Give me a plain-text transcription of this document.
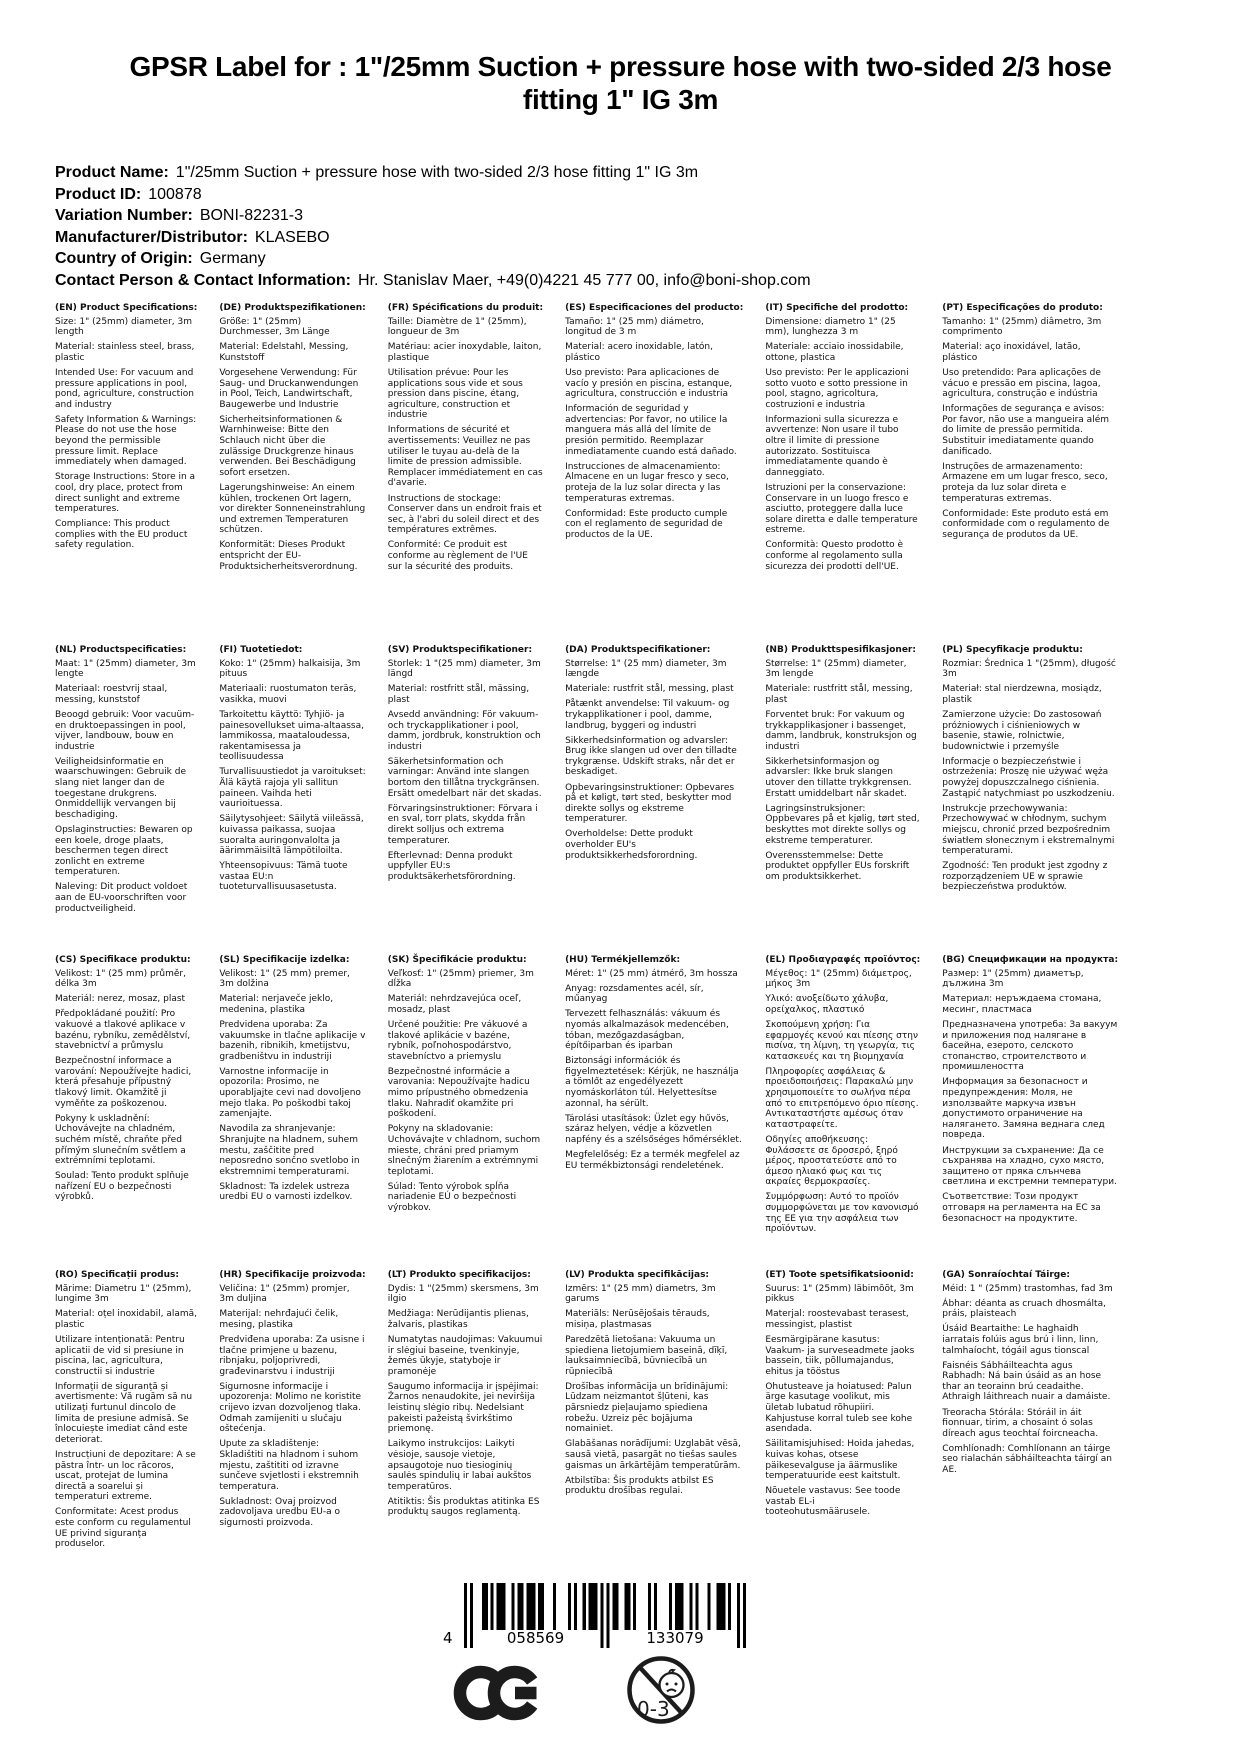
GPSR Label for : 1"/25mm Suction + pressure hose with two-sided 2/3 hose fitting 1" IG 3m
Product Name: 1"/25mm Suction + pressure hose with two-sided 2/3 hose fitting 1" IG 3m
Product ID: 100878
Variation Number: BONI-82231-3
Manufacturer/Distributor: KLASEBO
Country of Origin: Germany
Contact Person & Contact Information: Hr. Stanislav Maer, +49(0)4221 45 777 00, info@boni-shop.com
(EN) Product Specifications:

Size: 1" (25mm) diameter, 3m length

Material: stainless steel, brass, plastic

Intended Use: For vacuum and pressure applications in pool, pond, agriculture, construction and industry

Safety Information & Warnings: Please do not use the hose beyond the permissible pressure limit. Replace immediately when damaged.

Storage Instructions: Store in a cool, dry place, protect from direct sunlight and extreme temperatures.

Compliance: This product complies with the EU product safety regulation.

(DE) Produktspezifikationen:

Größe: 1" (25mm) Durchmesser, 3m Länge

Material: Edelstahl, Messing, Kunststoff

Vorgesehene Verwendung: Für Saug- und Druckanwendungen in Pool, Teich, Landwirtschaft, Baugewerbe und Industrie

Sicherheitsinformationen & Warnhinweise: Bitte den Schlauch nicht über die zulässige Druckgrenze hinaus verwenden. Bei Beschädigung sofort ersetzen.

Lagerungshinweise: An einem kühlen, trockenen Ort lagern, vor direkter Sonneneinstrahlung und extremen Temperaturen schützen.

Konformität: Dieses Produkt entspricht der EU-Produktsicherheitsverordnung.

(FR) Spécifications du produit:

Taille: Diamètre de 1" (25mm), longueur de 3m

Matériau: acier inoxydable, laiton, plastique

Utilisation prévue: Pour les applications sous vide et sous pression dans piscine, étang, agriculture, construction et industrie

Informations de sécurité et avertissements: Veuillez ne pas utiliser le tuyau au-delà de la limite de pression admissible. Remplacer immédiatement en cas d'avarie.

Instructions de stockage: Conserver dans un endroit frais et sec, à l'abri du soleil direct et des températures extrêmes.

Conformité: Ce produit est conforme au règlement de l'UE sur la sécurité des produits.

(ES) Especificaciones del producto:

Tamaño: 1" (25 mm) diámetro, longitud de 3 m

Material: acero inoxidable, latón, plástico

Uso previsto: Para aplicaciones de vacío y presión en piscina, estanque, agricultura, construcción e industria

Información de seguridad y advertencias: Por favor, no utilice la manguera más allá del límite de presión permitido. Reemplazar inmediatamente cuando está dañado.

Instrucciones de almacenamiento: Almacene en un lugar fresco y seco, proteja de la luz solar directa y las temperaturas extremas.

Conformidad: Este producto cumple con el reglamento de seguridad de productos de la UE.

(IT) Specifiche del prodotto:

Dimensione: diametro 1" (25 mm), lunghezza 3 m

Materiale: acciaio inossidabile, ottone, plastica

Uso previsto: Per le applicazioni sotto vuoto e sotto pressione in pool, stagno, agricoltura, costruzioni e industria

Informazioni sulla sicurezza e avvertenze: Non usare il tubo oltre il limite di pressione autorizzato. Sostituisca immediatamente quando è danneggiato.

Istruzioni per la conservazione: Conservare in un luogo fresco e asciutto, proteggere dalla luce solare diretta e dalle temperature estreme.

Conformità: Questo prodotto è conforme al regolamento sulla sicurezza dei prodotti dell'UE.

(PT) Especificações do produto:

Tamanho: 1" (25mm) diâmetro, 3m comprimento

Material: aço inoxidável, latão, plástico

Uso pretendido: Para aplicações de vácuo e pressão em piscina, lagoa, agricultura, construção e indústria

Informações de segurança e avisos: Por favor, não use a mangueira além do limite de pressão permitida. Substituir imediatamente quando danificado.

Instruções de armazenamento: Armazene em um lugar fresco, seco, proteja da luz solar direta e temperaturas extremas.

Conformidade: Este produto está em conformidade com o regulamento de segurança de produtos da UE.

(NL) Productspecificaties:

Maat: 1" (25mm) diameter, 3m lengte

Materiaal: roestvrij staal, messing, kunststof

Beoogd gebruik: Voor vacuüm- en druktoepassingen in pool, vijver, landbouw, bouw en industrie

Veiligheidsinformatie en waarschuwingen: Gebruik de slang niet langer dan de toegestane drukgrens. Onmiddellijk vervangen bij beschadiging.

Opslaginstructies: Bewaren op een koele, droge plaats, beschermen tegen direct zonlicht en extreme temperaturen.

Naleving: Dit product voldoet aan de EU-voorschriften voor productveiligheid.

(FI) Tuotetiedot:

Koko: 1" (25mm) halkaisija, 3m pituus

Materiaali: ruostumaton teräs, vasikka, muovi

Tarkoitettu käyttö: Tyhjiö- ja painesovellukset uima-altaassa, lammikossa, maataloudessa, rakentamisessa ja teollisuudessa

Turvallisuustiedot ja varoitukset: Älä käytä rajoja yli sallitun paineen. Vaihda heti vaurioituessa.

Säilytysohjeet: Säilytä viileässä, kuivassa paikassa, suojaa suoralta auringonvalolta ja äärimmäisiltä lämpötiloilta.

Yhteensopivuus: Tämä tuote vastaa EU:n tuoteturvallisuusasetusta.

(SV) Produktspecifikationer:

Storlek: 1 "(25 mm) diameter, 3m längd

Material: rostfritt stål, mässing, plast

Avsedd användning: För vakuum- och tryckapplikationer i pool, damm, jordbruk, konstruktion och industri

Säkerhetsinformation och varningar: Använd inte slangen bortom den tillåtna tryckgränsen. Ersätt omedelbart när det skadas.

Förvaringsinstruktioner: Förvara i en sval, torr plats, skydda från direkt solljus och extrema temperaturer.

Efterlevnad: Denna produkt uppfyller EU:s produktsäkerhetsförordning.

(DA) Produktspecifikationer:

Størrelse: 1" (25 mm) diameter, 3m længde

Materiale: rustfrit stål, messing, plast

Påtænkt anvendelse: Til vakuum- og trykapplikationer i pool, damme, landbrug, byggeri og industri

Sikkerhedsinformation og advarsler: Brug ikke slangen ud over den tilladte trykgrænse. Udskift straks, når det er beskadiget.

Opbevaringsinstruktioner: Opbevares på et køligt, tørt sted, beskytter mod direkte sollys og ekstreme temperaturer.

Overholdelse: Dette produkt overholder EU's produktsikkerhedsforordning.

(NB) Produkttspesifikasjoner:

Størrelse: 1" (25mm) diameter, 3m lengde

Materiale: rustfritt stål, messing, plast

Forventet bruk: For vakuum og trykkapplikasjoner i bassenget, damm, landbruk, konstruksjon og industri

Sikkerhetsinformasjon og advarsler: Ikke bruk slangen utover den tillatte trykkgrensen. Erstatt umiddelbart når skadet.

Lagringsinstruksjoner: Oppbevares på et kjølig, tørt sted, beskyttes mot direkte sollys og ekstreme temperaturer.

Overensstemmelse: Dette produktet oppfyller EUs forskrift om produktsikkerhet.

(PL) Specyfikacje produktu:

Rozmiar: Średnica 1 "(25mm), długość 3m

Materiał: stal nierdzewna, mosiądz, plastik

Zamierzone użycie: Do zastosowań próżniowych i ciśnieniowych w basenie, stawie, rolnictwie, budownictwie i przemyśle

Informacje o bezpieczeństwie i ostrzeżenia: Proszę nie używać węża powyżej dopuszczalnego ciśnienia. Zastąpić natychmiast po uszkodzeniu.

Instrukcje przechowywania: Przechowywać w chłodnym, suchym miejscu, chronić przed bezpośrednim światłem słonecznym i ekstremalnymi temperaturami.

Zgodność: Ten produkt jest zgodny z rozporządzeniem UE w sprawie bezpieczeństwa produktów.

(CS) Specifikace produktu:

Velikost: 1" (25 mm) průměr, délka 3m

Materiál: nerez, mosaz, plast

Předpokládané použití: Pro vakuové a tlakové aplikace v bazénu, rybníku, zemědělství, stavebnictví a průmyslu

Bezpečnostní informace a varování: Nepoužívejte hadici, která přesahuje přípustný tlakový limit. Okamžitě ji vyměňte za poškozenou.

Pokyny k uskladnění: Uchovávejte na chladném, suchém místě, chraňte před přímým slunečním světlem a extrémními teplotami.

Soulad: Tento produkt splňuje nařízení EU o bezpečnosti výrobků.

(SL) Specifikacije izdelka:

Velikost: 1" (25 mm) premer, 3m dolžina

Material: nerjaveče jeklo, medenina, plastika

Predvidena uporaba: Za vakuumske in tlačne aplikacije v bazenih, ribnikih, kmetijstvu, gradbeništvu in industriji

Varnostne informacije in opozorila: Prosimo, ne uporabljajte cevi nad dovoljeno mejo tlaka. Po poškodbi takoj zamenjajte.

Navodila za shranjevanje: Shranjujte na hladnem, suhem mestu, zaščitite pred neposredno sončno svetlobo in ekstremnimi temperaturami.

Skladnost: Ta izdelek ustreza uredbi EU o varnosti izdelkov.

(SK) Špecifikácie produktu:

Veľkosť: 1" (25mm) priemer, 3m dĺžka

Materiál: nehrdzavejúca oceľ, mosadz, plast

Určené použitie: Pre vákuové a tlakové aplikácie v bazéne, rybník, poľnohospodárstvo, stavebníctvo a priemyslu

Bezpečnostné informácie a varovania: Nepoužívajte hadicu mimo prípustného obmedzenia tlaku. Nahradiť okamžite pri poškodení.

Pokyny na skladovanie: Uchovávajte v chladnom, suchom mieste, chráni pred priamym slnečným žiarením a extrémnymi teplotami.

Súlad: Tento výrobok spĺňa nariadenie EÚ o bezpečnosti výrobkov.

(HU) Termékjellemzők:

Méret: 1" (25 mm) átmérő, 3m hossza

Anyag: rozsdamentes acél, sír, műanyag

Tervezett felhasználás: vákuum és nyomás alkalmazások medencében, tóban, mezőgazdaságban, építőiparban és iparban

Biztonsági információk és figyelmeztetések: Kérjük, ne használja a tömlőt az engedélyezett nyomáskorláton túl. Helyettesítse azonnal, ha sérült.

Tárolási utasítások: Üzlet egy hűvös, száraz helyen, védje a közvetlen napfény és a szélsőséges hőmérséklet.

Megfelelőség: Ez a termék megfelel az EU termékbiztonsági rendeletének.

(EL) Προδιαγραφές προϊόντος:

Μέγεθος: 1" (25mm) διάμετρος, μήκος 3m

Υλικό: ανοξείδωτο χάλυβα, ορείχαλκος, πλαστικό

Σκοπούμενη χρήση: Για εφαρμογές κενού και πίεσης στην πισίνα, τη λίμνη, τη γεωργία, τις κατασκευές και τη βιομηχανία

Πληροφορίες ασφάλειας & προειδοποιήσεις: Παρακαλώ μην χρησιμοποιείτε το σωλήνα πέρα από το επιτρεπόμενο όριο πίεσης. Αντικαταστήστε αμέσως όταν καταστραφείτε.

Οδηγίες αποθήκευσης: Φυλάσσετε σε δροσερό, ξηρό μέρος, προστατεύστε από το άμεσο ηλιακό φως και τις ακραίες θερμοκρασίες.

Συμμόρφωση: Αυτό το προϊόν συμμορφώνεται με τον κανονισμό της ΕΕ για την ασφάλεια των προϊόντων.

(BG) Спецификации на продукта:

Размер: 1" (25mm) диаметър, дължина 3m

Материал: неръждаема стомана, месинг, пластмаса

Предназначена употреба: За вакуум и приложения под налягане в басейна, езерото, селското стопанство, строителството и промишлеността

Информация за безопасност и предупреждения: Моля, не използвайте маркуча извън допустимото ограничение на налягането. Замяна веднага след повреда.

Инструкции за съхранение: Да се съхранява на хладно, сухо място, защитено от пряка слънчева светлина и екстремни температури.

Съответствие: Този продукт отговаря на регламента на ЕС за безопасност на продуктите.

(RO) Specificații produs:

Mărime: Diametru 1" (25mm), lungime 3m

Material: oțel inoxidabil, alamă, plastic

Utilizare intenționată: Pentru aplicatii de vid si presiune in piscina, lac, agricultura, constructii si industrie

Informații de siguranță și avertismente: Vă rugăm să nu utilizați furtunul dincolo de limita de presiune admisă. Se înlocuiește imediat când este deteriorat.

Instrucțiuni de depozitare: A se păstra într- un loc răcoros, uscat, protejat de lumina directă a soarelui și temperaturi extreme.

Conformitate: Acest produs este conform cu regulamentul UE privind siguranța produselor.

(HR) Specifikacije proizvoda:

Veličina: 1" (25mm) promjer, 3m duljina

Materijal: nehrđajući čelik, mesing, plastika

Predviđena uporaba: Za usisne i tlačne primjene u bazenu, ribnjaku, poljoprivredi, građevinarstvu i industriji

Sigurnosne informacije i upozorenja: Molimo ne koristite crijevo izvan dozvoljenog tlaka. Odmah zamijeniti u slučaju oštećenja.

Upute za skladištenje: Skladištiti na hladnom i suhom mjestu, zaštititi od izravne sunčeve svjetlosti i ekstremnih temperatura.

Sukladnost: Ovaj proizvod zadovoljava uredbu EU-a o sigurnosti proizvoda.

(LT) Produkto specifikacijos:

Dydis: 1 "(25mm) skersmens, 3m ilgio

Medžiaga: Nerūdijantis plienas, žalvaris, plastikas

Numatytas naudojimas: Vakuumui ir slėgiui baseine, tvenkinyje, žemės ūkyje, statyboje ir pramonėje

Saugumo informacija ir įspėjimai: Žarnos nenaudokite, jei neviršija leistinų slėgio ribų. Nedelsiant pakeisti pažeistą švirkštimo priemonę.

Laikymo instrukcijos: Laikyti vėsioje, sausoje vietoje, apsaugotoje nuo tiesioginių saulės spindulių ir labai aukštos temperatūros.

Atitiktis: Šis produktas atitinka ES produktų saugos reglamentą.

(LV) Produkta specifikācijas:

Izmērs: 1" (25 mm) diametrs, 3m garums

Materiāls: Nerūsējošais tērauds, misiņa, plastmasas

Paredzētā lietošana: Vakuuma un spiediena lietojumiem baseinā, dīķī, lauksaimniecībā, būvniecībā un rūpniecībā

Drošības informācija un brīdinājumi: Lūdzam neizmantot šļūteni, kas pārsniedz pieļaujamo spiediena robežu. Uzreiz pēc bojājuma nomainiet.

Glabāšanas norādījumi: Uzglabāt vēsā, sausā vietā, pasargāt no tiešas saules gaismas un ārkārtējām temperatūrām.

Atbilstība: Šis produkts atbilst ES produktu drošības regulai.

(ET) Toote spetsifikatsioonid:

Suurus: 1" (25mm) läbimõõt, 3m pikkus

Materjal: roostevabast terasest, messingist, plastist

Eesmärgipärane kasutus: Vaakum- ja surveseadmete jaoks bassein, tiik, põllumajandus, ehitus ja tööstus

Ohutusteave ja hoiatused: Palun ärge kasutage voolikut, mis ületab lubatud rõhupiiri. Kahjustuse korral tuleb see kohe asendada.

Säilitamisjuhised: Hoida jahedas, kuivas kohas, otsese päikesevalguse ja äärmuslike temperatuuride eest kaitstult.

Nõuetele vastavus: See toode vastab EL-i tooteohutusmäärusele.

(GA) Sonraíochtaí Táirge:

Méid: 1 " (25mm) trastomhas, fad 3m

Ábhar: déanta as cruach dhosmálta, práis, plaisteach

Úsáid Beartaithe: Le haghaidh iarratais folúis agus brú i linn, linn, talmhaíocht, tógáil agus tionscal

Faisnéis Sábháilteachta agus Rabhadh: Ná bain úsáid as an hose thar an teorainn brú ceadaithe. Athraigh láithreach nuair a damáiste.

Treoracha Stórála: Stóráil in áit fionnuar, tirim, a chosaint ó solas díreach agus teochtaí foircneacha.

Comhlíonadh: Comhlíonann an táirge seo rialachán sábháilteachta táirgí an AE.

4	058569	133079
0-3
